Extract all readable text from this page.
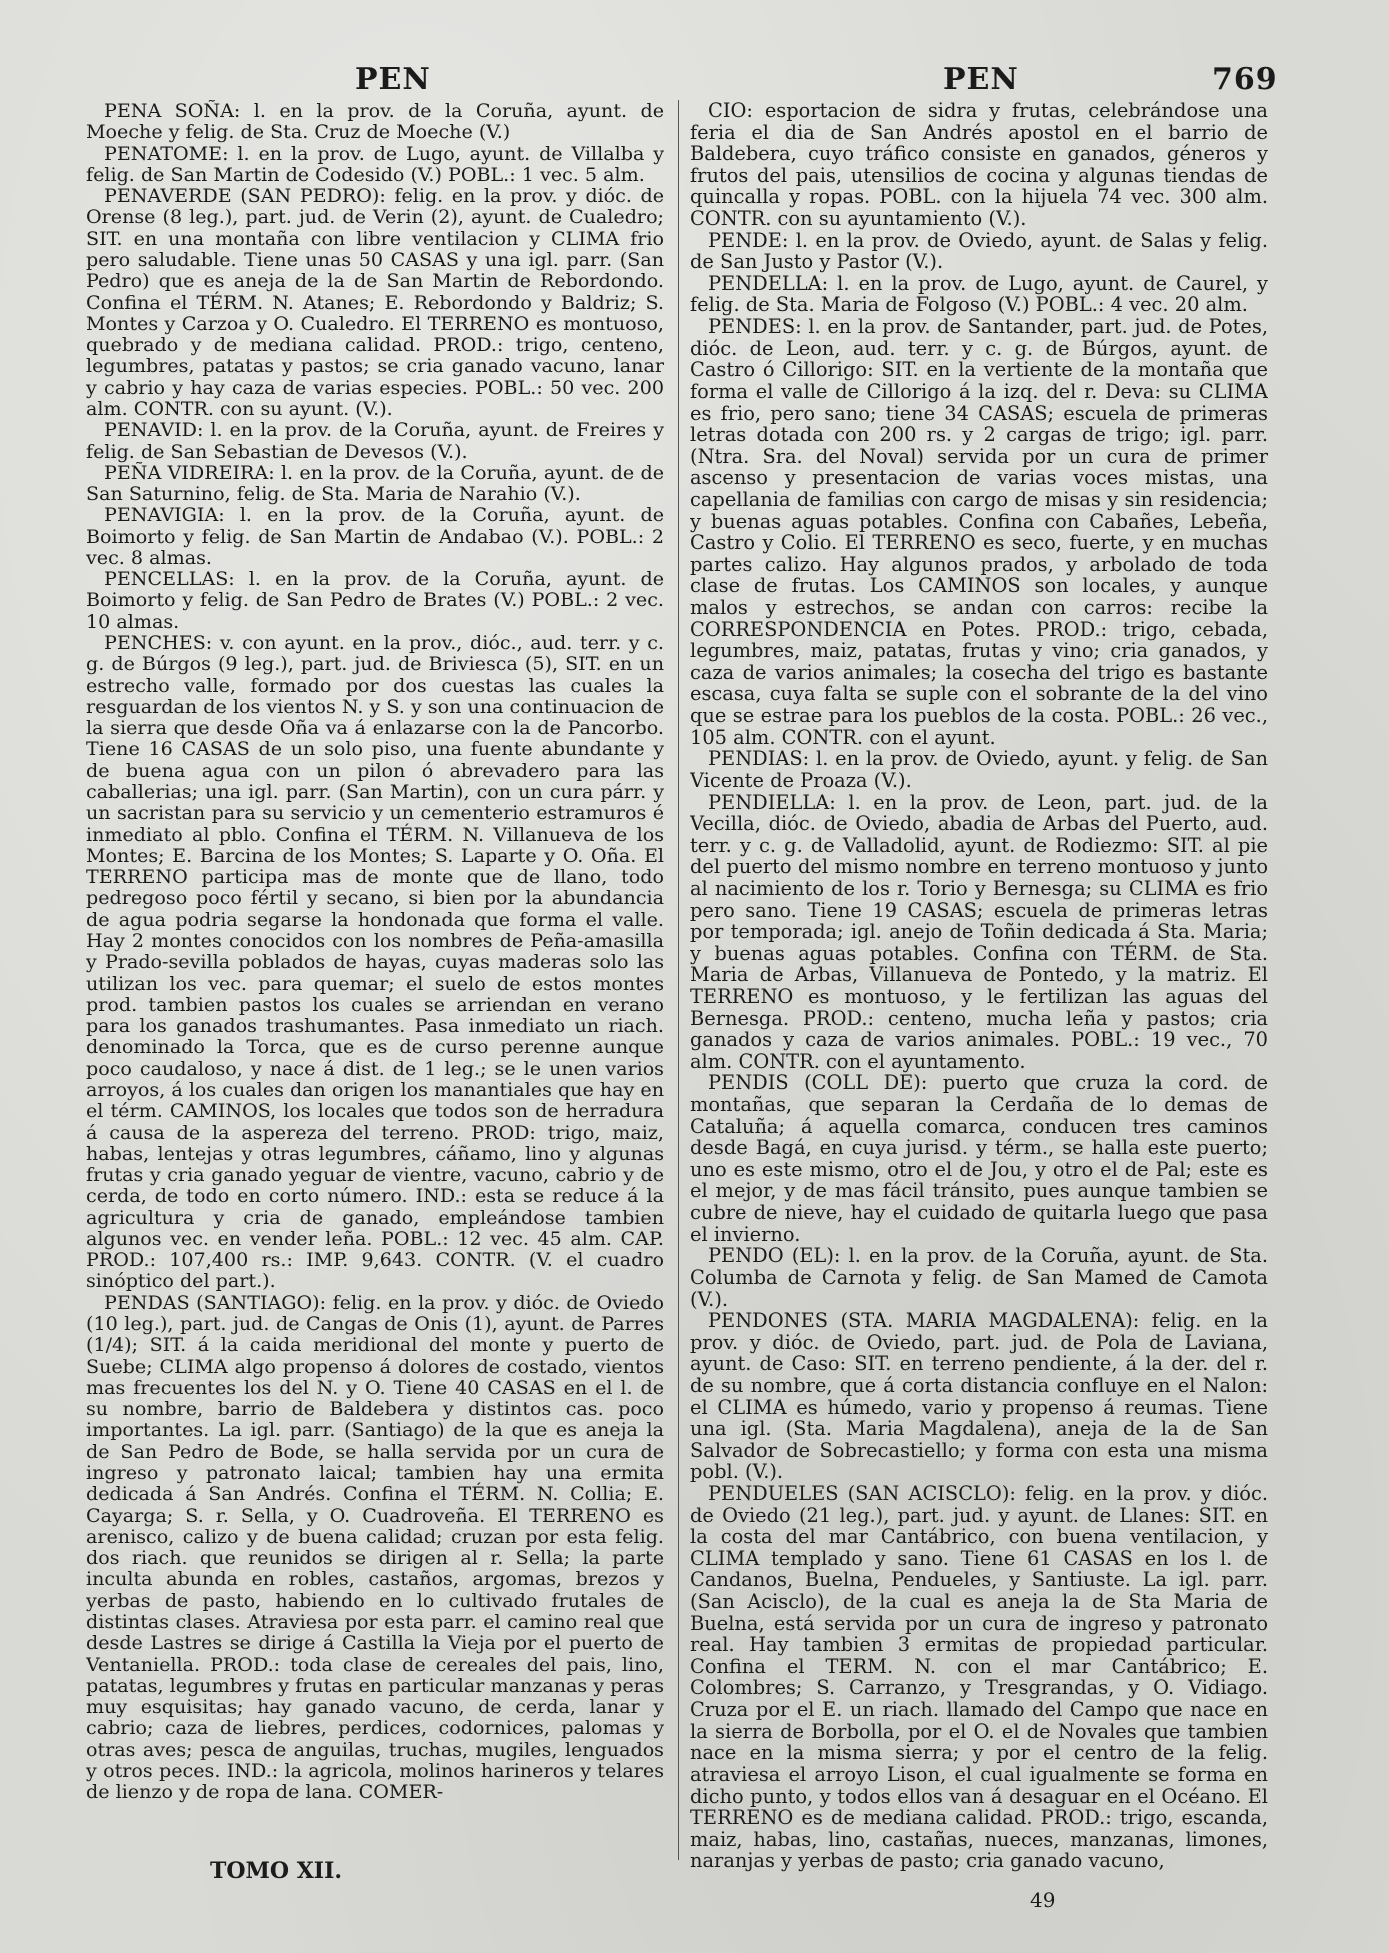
PEN	PEN	769

PENA SOÑA: l. en la prov. de la Coruña, ayunt. de Moeche y felig. de Sta. Cruz de Moeche (V.)

PENATOME: l. en la prov. de Lugo, ayunt. de Villalba y felig. de San Martin de Codesido (V.) POBL.: 1 vec. 5 alm.

PENAVERDE (SAN PEDRO): felig. en la prov. y dióc. de Orense (8 leg.), part. jud. de Verin (2), ayunt. de Cualedro; SIT. en una montaña con libre ventilacion y CLIMA frio pero saludable. Tiene unas 50 CASAS y una igl. parr. (San Pedro) que es aneja de la de San Martin de Rebordondo. Confina el TÉRM. N. Atanes; E. Rebordondo y Baldriz; S. Montes y Carzoa y O. Cualedro. El TERRENO es montuoso, quebrado y de mediana calidad. PROD.: trigo, centeno, legumbres, patatas y pastos; se cria ganado vacuno, lanar y cabrio y hay caza de varias especies. POBL.: 50 vec. 200 alm. CONTR. con su ayunt. (V.).

PENAVID: l. en la prov. de la Coruña, ayunt. de Freires y felig. de San Sebastian de Devesos (V.).

PEÑA VIDREIRA: l. en la prov. de la Coruña, ayunt. de de San Saturnino, felig. de Sta. Maria de Narahio (V.).

PENAVIGIA: l. en la prov. de la Coruña, ayunt. de Boimorto y felig. de San Martin de Andabao (V.). POBL.: 2 vec. 8 almas.

PENCELLAS: l. en la prov. de la Coruña, ayunt. de Boimorto y felig. de San Pedro de Brates (V.) POBL.: 2 vec. 10 almas.

PENCHES: v. con ayunt. en la prov., dióc., aud. terr. y c. g. de Búrgos (9 leg.), part. jud. de Briviesca (5), SIT. en un estrecho valle, formado por dos cuestas las cuales la resguardan de los vientos N. y S. y son una continuacion de la sierra que desde Oña va á enlazarse con la de Pancorbo. Tiene 16 CASAS de un solo piso, una fuente abundante y de buena agua con un pilon ó abrevadero para las caballerias; una igl. parr. (San Martin), con un cura párr. y un sacristan para su servicio y un cementerio estramuros é inmediato al pblo. Confina el TÉRM. N. Villanueva de los Montes; E. Barcina de los Montes; S. Laparte y O. Oña. El TERRENO participa mas de monte que de llano, todo pedregoso poco fértil y secano, si bien por la abundancia de agua podria segarse la hondonada que forma el valle. Hay 2 montes conocidos con los nombres de Peña-amasilla y Prado-sevilla poblados de hayas, cuyas maderas solo las utilizan los vec. para quemar; el suelo de estos montes prod. tambien pastos los cuales se arriendan en verano para los ganados trashumantes. Pasa inmediato un riach. denominado la Torca, que es de curso perenne aunque poco caudaloso, y nace á dist. de 1 leg.; se le unen varios arroyos, á los cuales dan origen los manantiales que hay en el térm. CAMINOS, los locales que todos son de herradura á causa de la aspereza del terreno. PROD: trigo, maiz, habas, lentejas y otras legumbres, cáñamo, lino y algunas frutas y cria ganado yeguar de vientre, vacuno, cabrio y de cerda, de todo en corto número. IND.: esta se reduce á la agricultura y cria de ganado, empleándose tambien algunos vec. en vender leña. POBL.: 12 vec. 45 alm. CAP. PROD.: 107,400 rs.: IMP. 9,643. CONTR. (V. el cuadro sinóptico del part.).

PENDAS (SANTIAGO): felig. en la prov. y dióc. de Oviedo (10 leg.), part. jud. de Cangas de Onis (1), ayunt. de Parres (1/4); SIT. á la caida meridional del monte y puerto de Suebe; CLIMA algo propenso á dolores de costado, vientos mas frecuentes los del N. y O. Tiene 40 CASAS en el l. de su nombre, barrio de Baldebera y distintos cas. poco importantes. La igl. parr. (Santiago) de la que es aneja la de San Pedro de Bode, se halla servida por un cura de ingreso y patronato laical; tambien hay una ermita dedicada á San Andrés. Confina el TÉRM. N. Collia; E. Cayarga; S. r. Sella, y O. Cuadroveña. El TERRENO es arenisco, calizo y de buena calidad; cruzan por esta felig. dos riach. que reunidos se dirigen al r. Sella; la parte inculta abunda en robles, castaños, argomas, brezos y yerbas de pasto, habiendo en lo cultivado frutales de distintas clases. Atraviesa por esta parr. el camino real que desde Lastres se dirige á Castilla la Vieja por el puerto de Ventaniella. PROD.: toda clase de cereales del pais, lino, patatas, legumbres y frutas en particular manzanas y peras muy esquisitas; hay ganado vacuno, de cerda, lanar y cabrio; caza de liebres, perdices, codornices, palomas y otras aves; pesca de anguilas, truchas, mugiles, lenguados y otros peces. IND.: la agricola, molinos harineros y telares de lienzo y de ropa de lana. COMER-

CIO: esportacion de sidra y frutas, celebrándose una feria el dia de San Andrés apostol en el barrio de Baldebera, cuyo tráfico consiste en ganados, géneros y frutos del pais, utensilios de cocina y algunas tiendas de quincalla y ropas. POBL. con la hijuela 74 vec. 300 alm. CONTR. con su ayuntamiento (V.).

PENDE: l. en la prov. de Oviedo, ayunt. de Salas y felig. de San Justo y Pastor (V.).

PENDELLA: l. en la prov. de Lugo, ayunt. de Caurel, y felig. de Sta. Maria de Folgoso (V.) POBL.: 4 vec. 20 alm.

PENDES: l. en la prov. de Santander, part. jud. de Potes, dióc. de Leon, aud. terr. y c. g. de Búrgos, ayunt. de Castro ó Cillorigo: SIT. en la vertiente de la montaña que forma el valle de Cillorigo á la izq. del r. Deva: su CLIMA es frio, pero sano; tiene 34 CASAS; escuela de primeras letras dotada con 200 rs. y 2 cargas de trigo; igl. parr. (Ntra. Sra. del Noval) servida por un cura de primer ascenso y presentacion de varias voces mistas, una capellania de familias con cargo de misas y sin residencia; y buenas aguas potables. Confina con Cabañes, Lebeña, Castro y Colio. El TERRENO es seco, fuerte, y en muchas partes calizo. Hay algunos prados, y arbolado de toda clase de frutas. Los CAMINOS son locales, y aunque malos y estrechos, se andan con carros: recibe la CORRESPONDENCIA en Potes. PROD.: trigo, cebada, legumbres, maiz, patatas, frutas y vino; cria ganados, y caza de varios animales; la cosecha del trigo es bastante escasa, cuya falta se suple con el sobrante de la del vino que se estrae para los pueblos de la costa. POBL.: 26 vec., 105 alm. CONTR. con el ayunt.

PENDIAS: l. en la prov. de Oviedo, ayunt. y felig. de San Vicente de Proaza (V.).

PENDIELLA: l. en la prov. de Leon, part. jud. de la Vecilla, dióc. de Oviedo, abadia de Arbas del Puerto, aud. terr. y c. g. de Valladolid, ayunt. de Rodiezmo: SIT. al pie del puerto del mismo nombre en terreno montuoso y junto al nacimiento de los r. Torio y Bernesga; su CLIMA es frio pero sano. Tiene 19 CASAS; escuela de primeras letras por temporada; igl. anejo de Toñin dedicada á Sta. Maria; y buenas aguas potables. Confina con TÉRM. de Sta. Maria de Arbas, Villanueva de Pontedo, y la matriz. El TERRENO es montuoso, y le fertilizan las aguas del Bernesga. PROD.: centeno, mucha leña y pastos; cria ganados y caza de varios animales. POBL.: 19 vec., 70 alm. CONTR. con el ayuntamento.

PENDIS (COLL DE): puerto que cruza la cord. de montañas, que separan la Cerdaña de lo demas de Cataluña; á aquella comarca, conducen tres caminos desde Bagá, en cuya jurisd. y térm., se halla este puerto; uno es este mismo, otro el de Jou, y otro el de Pal; este es el mejor, y de mas fácil tránsito, pues aunque tambien se cubre de nieve, hay el cuidado de quitarla luego que pasa el invierno.

PENDO (EL): l. en la prov. de la Coruña, ayunt. de Sta. Columba de Carnota y felig. de San Mamed de Camota (V.).

PENDONES (STA. MARIA MAGDALENA): felig. en la prov. y dióc. de Oviedo, part. jud. de Pola de Laviana, ayunt. de Caso: SIT. en terreno pendiente, á la der. del r. de su nombre, que á corta distancia confluye en el Nalon: el CLIMA es húmedo, vario y propenso á reumas. Tiene una igl. (Sta. Maria Magdalena), aneja de la de San Salvador de Sobrecastiello; y forma con esta una misma pobl. (V.).

PENDUELES (SAN ACISCLO): felig. en la prov. y dióc. de Oviedo (21 leg.), part. jud. y ayunt. de Llanes: SIT. en la costa del mar Cantábrico, con buena ventilacion, y CLIMA templado y sano. Tiene 61 CASAS en los l. de Candanos, Buelna, Pendueles, y Santiuste. La igl. parr. (San Acisclo), de la cual es aneja la de Sta Maria de Buelna, está servida por un cura de ingreso y patronato real. Hay tambien 3 ermitas de propiedad particular. Confina el TERM. N. con el mar Cantábrico; E. Colombres; S. Carranzo, y Tresgrandas, y O. Vidiago. Cruza por el E. un riach. llamado del Campo que nace en la sierra de Borbolla, por el O. el de Novales que tambien nace en la misma sierra; y por el centro de la felig. atraviesa el arroyo Lison, el cual igualmente se forma en dicho punto, y todos ellos van á desaguar en el Océano. El TERRENO es de mediana calidad. PROD.: trigo, escanda, maiz, habas, lino, castañas, nueces, manzanas, limones, naranjas y yerbas de pasto; cria ganado vacuno,

TOMO XII.
49
